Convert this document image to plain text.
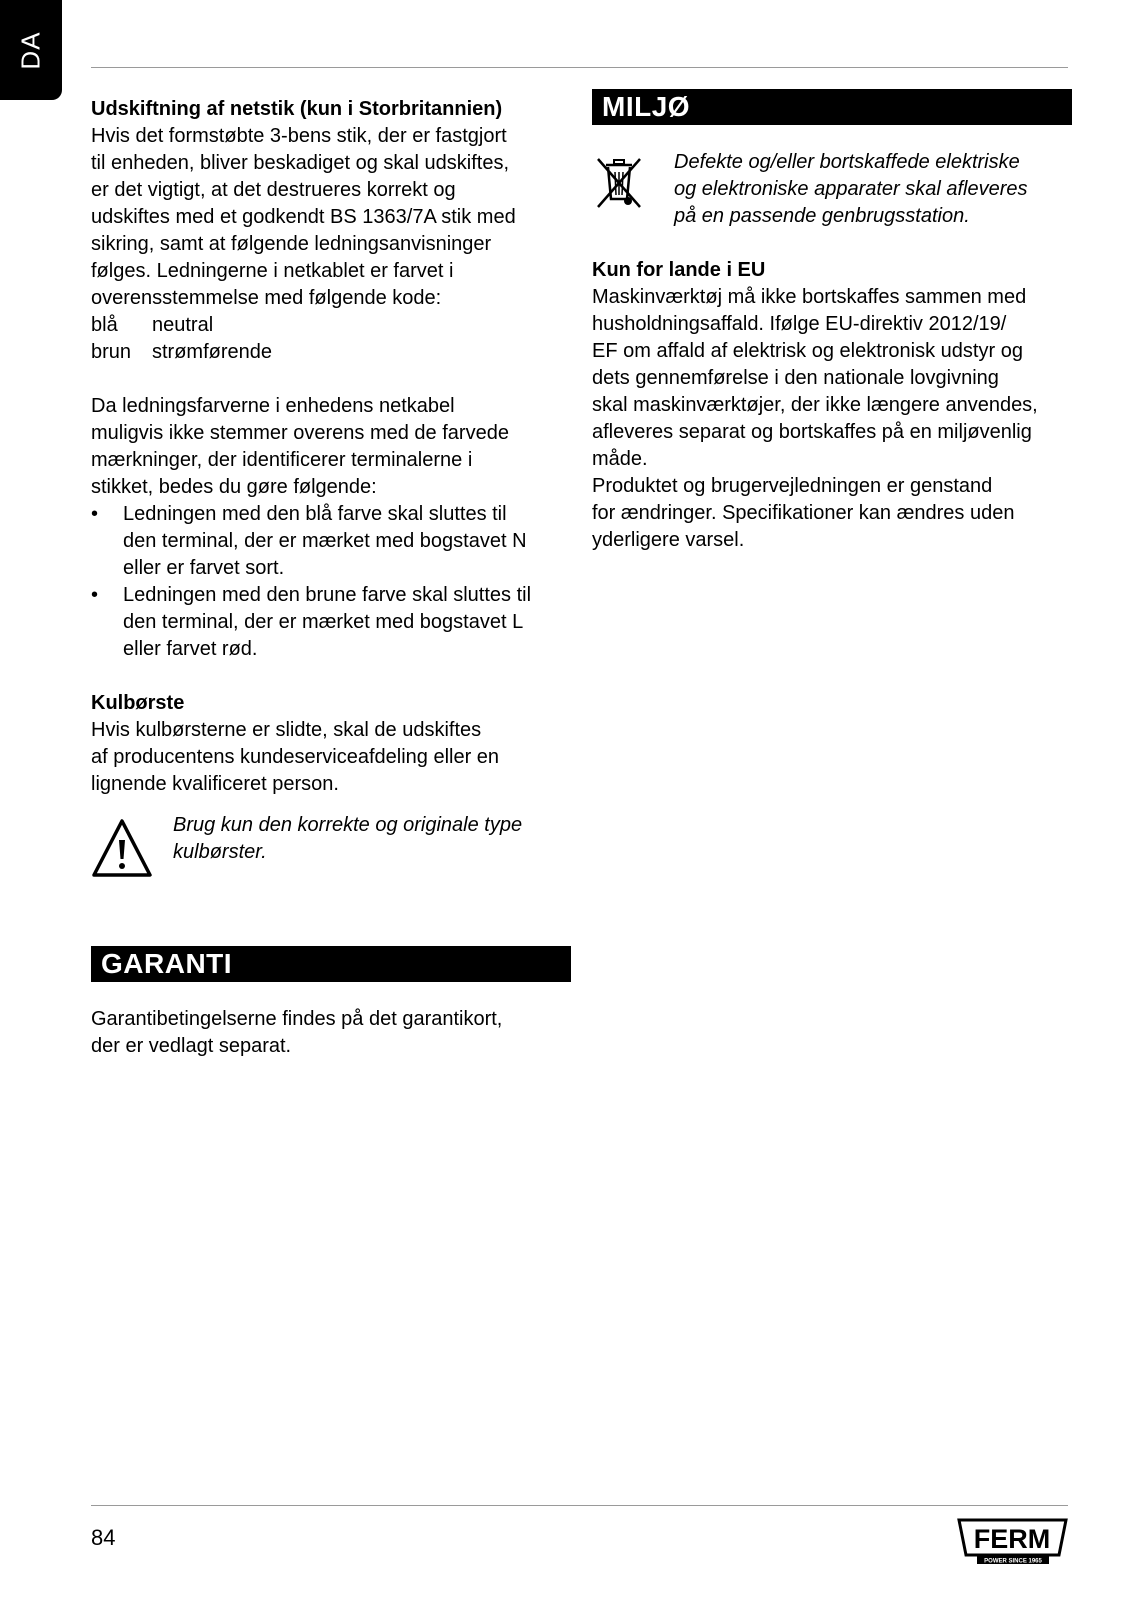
DA

Udskiftning af netstik (kun i Storbritannien)

Hvis det formstøbte 3-bens stik, der er fastgjort

til enheden, bliver beskadiget og skal udskiftes,

er det vigtigt, at det destrueres korrekt og

udskiftes med et godkendt BS 1363/7A stik med

sikring, samt at følgende ledningsanvisninger

følges. Ledningerne i netkablet er farvet i

overensstemmelse med følgende kode:

blå	neutral
brun	strømførende

Da ledningsfarverne i enhedens netkabel

muligvis ikke stemmer overens med de farvede

mærkninger, der identificerer terminalerne i

stikket, bedes du gøre følgende:

• Ledningen med den blå farve skal sluttes til
den terminal, der er mærket med bogstavet N
eller er farvet sort.
• Ledningen med den brune farve skal sluttes til
den terminal, der er mærket med bogstavet L
eller farvet rød.

Kulbørste

Hvis kulbørsterne er slidte, skal de udskiftes

af producentens kundeserviceafdeling eller en

lignende kvalificeret person.

Brug kun den korrekte og originale type

kulbørster.

GARANTI

Garantibetingelserne findes på det garantikort,

der er vedlagt separat.

MILJØ

Defekte og/eller bortskaffede elektriske

og elektroniske apparater skal afleveres

på en passende genbrugsstation.

Kun for lande i EU

Maskinværktøj må ikke bortskaffes sammen med

husholdningsaffald. Ifølge EU-direktiv 2012/19/

EF om affald af elektrisk og elektronisk udstyr og

dets gennemførelse i den nationale lovgivning

skal maskinværktøjer, der ikke længere anvendes,

afleveres separat og bortskaffes på en miljøvenlig

måde.

Produktet og brugervejledningen er genstand

for ændringer. Specifikationer kan ændres uden

yderligere varsel.

84	FERM
POWER SINCE 1965
